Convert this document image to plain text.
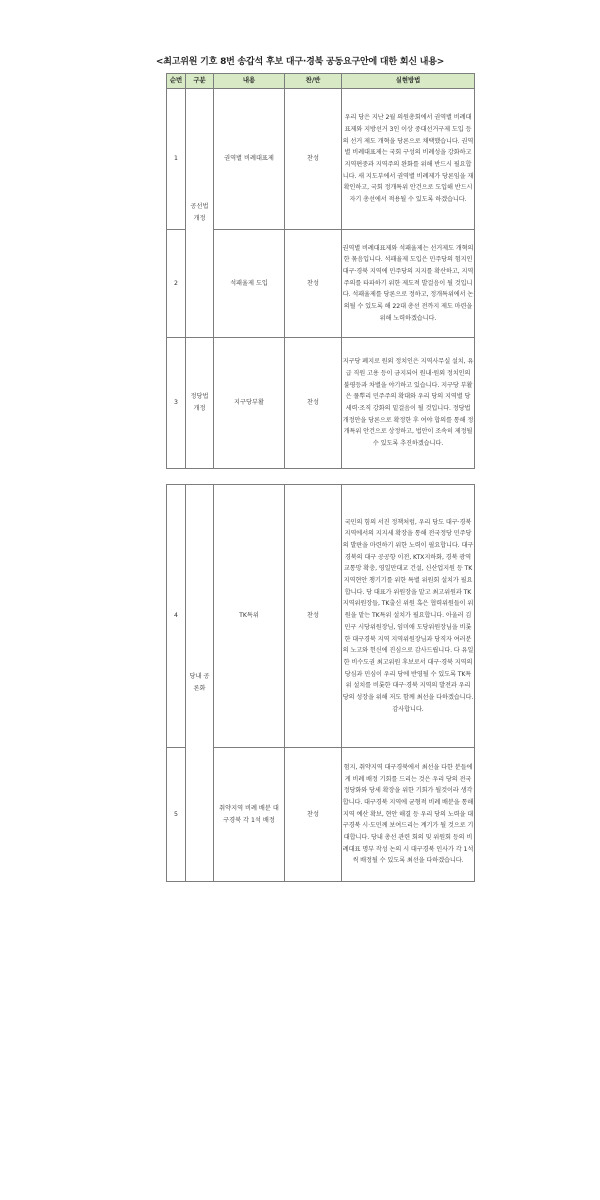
<최고위원 기호 8번 송갑석 후보 대구·경북 공동요구안에 대한 회신 내용>
순번	구분	내용	찬/반	실현방법
1	공선법 개정	권역별 비례대표제	찬성	우리 당은 지난 2월 의원총회에서 권역별 비례대표제와 지방선거 3인 이상 중대선거구제 도입 등의 선거 제도 개혁을 당론으로 채택했습니다. 권역별 비례대표제는 국회 구성의 비례성을 강화하고 지역편중과 지역주의 완화를 위해 반드시 필요합니다. 새 지도부에서 권역별 비례제가 당론임을 재확인하고, 국회 정개특위 안건으로 도입해 반드시 자기 총선에서 적용될 수 있도록 하겠습니다.

2		석패율제 도입	찬성	권역별 비례대표제와 석패율제는 선거제도 개혁의 한 묶음입니다. 석패율제 도입은 민주당의 험지인 대구·경북 지역에 민주당의 지지를 확산하고, 지역주의를 타파하기 위한 제도적 발걸음이 될 것입니다. 석패율제를 당론으로 정하고, 정개특위에서 논의될 수 있도록 해 22대 총선 전까지 제도 마련을 위해 노력하겠습니다.

3	정당법 개정	지구당부활	찬성	지구당 폐지로 원외 정치인은 지역사무실 설치, 유급 직원 고용 등이 금지되어 원내·원외 정치인의 불평등과 차별을 야기하고 있습니다. 지구당 부활은 풀뿌리 민주주의 확대와 우리 당의 지역별 당 세력·조직 강화의 밑걸음이 될 것입니다. 정당법 개정안을 당론으로 확정한 후 여야 합의를 통해 정개특위 안건으로 상정하고, 법안이 조속히 제정될 수 있도록 추진하겠습니다.
4	당내 공론화	TK특위	찬성	국민의 힘의 서진 정책처럼, 우리 당도 대구·경북 지역에서의 지지세 확장을 통해 전국정당 민주당의 발판을 마련하기 위한 노력이 필요합니다. 대구경북의 대구 공공항 이전, KTX지하화, 경북 광역 교통망 확충, 영일만대교 건설, 신산업지원 등 TK 지역현안 챙기기를 위한 특별 위원회 설치가 필요합니다. 당 대표가 위원장을 맡고 최고위원과 TK 지역위원장들, TK출신 위원 혹은 협력위원들이 위원을 맡는 TK특위 설치가 필요합니다. 아울러 김민구 시당위원장님, 임미애 도당위원장님을 비롯한 대구경북 지역 지역위원장님과 당직자 여러분의 노고와 헌신에 진심으로 감사드립니다. 다 유일한 비수도권 최고위원 후보로서 대구·경북 지역의 당심과 민심이 우리 당에 반영될 수 있도록 TK특위 설치를 비롯한 대구·경북 지역의 발전과 우리 당의 성장을 위해 저도 함께 최선을 다하겠습니다. 감사합니다.

5		취약지역 비례 배분 대구경북 각 1석 배정	찬성	험지, 취약지역 대구경북에서 최선을 다한 분들에게 비례 배정 기회를 드리는 것은 우리 당의 전국정당화와 당세 확장을 위한 기회가 될것이라 생각합니다. 대구경북 지역에 균형적 비례 배분을 통해 지역 예산 확보, 현안 해결 등 우리 당의 노력을 대구경북 시·도민께 보여드리는 계기가 될 것으로 기대합니다. 당내 총선 관련 회의 및 위원회 등의 비례대표 명부 작성 논의 시 대구경북 인사가 각 1석씩 배정될 수 있도록 최선을 다하겠습니다.
